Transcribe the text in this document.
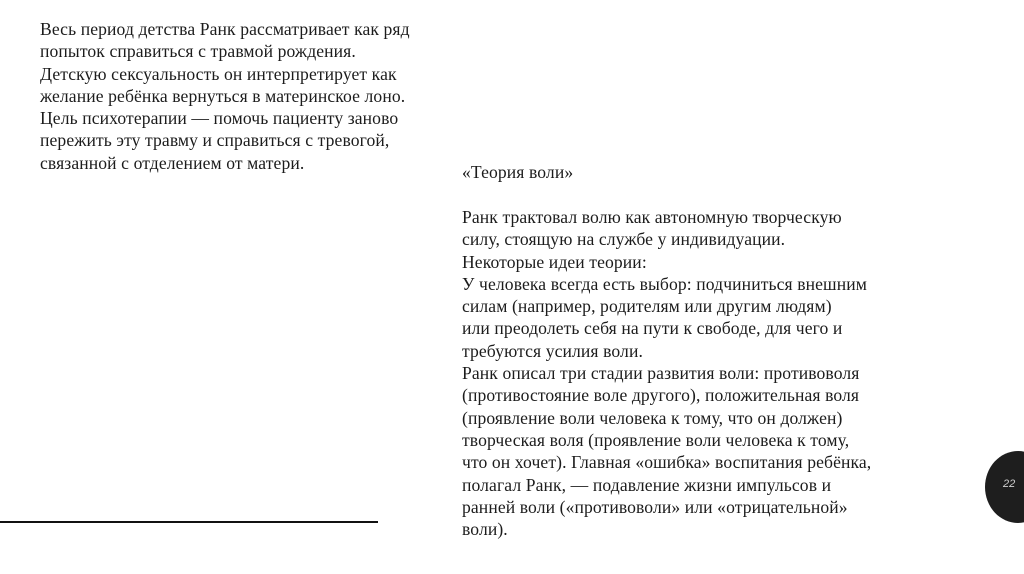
Весь период детства Ранк рассматривает как ряд
попыток справиться с травмой рождения.
Детскую сексуальность он интерпретирует как
желание ребёнка вернуться в материнское лоно.
Цель психотерапии — помочь пациенту заново
пережить эту травму и справиться с тревогой,
связанной с отделением от матери.	«Теория воли»
Ранк трактовал волю как автономную творческую
силу, стоящую на службе у индивидуации.
Некоторые идеи теории:
У человека всегда есть выбор: подчиниться внешним
силам (например, родителям или другим людям)
или преодолеть себя на пути к свободе, для чего и
требуются усилия воли.
Ранк описал три стадии развития воли: противоволя
(противостояние воле другого), положительная воля
(проявление воли человека к тому, что он должен)
творческая воля (проявление воли человека к тому,
что он хочет). Главная «ошибка» воспитания ребёнка,
полагал Ранк, — подавление жизни импульсов и
ранней воли («противоволи» или «отрицательной»
воли).
22
